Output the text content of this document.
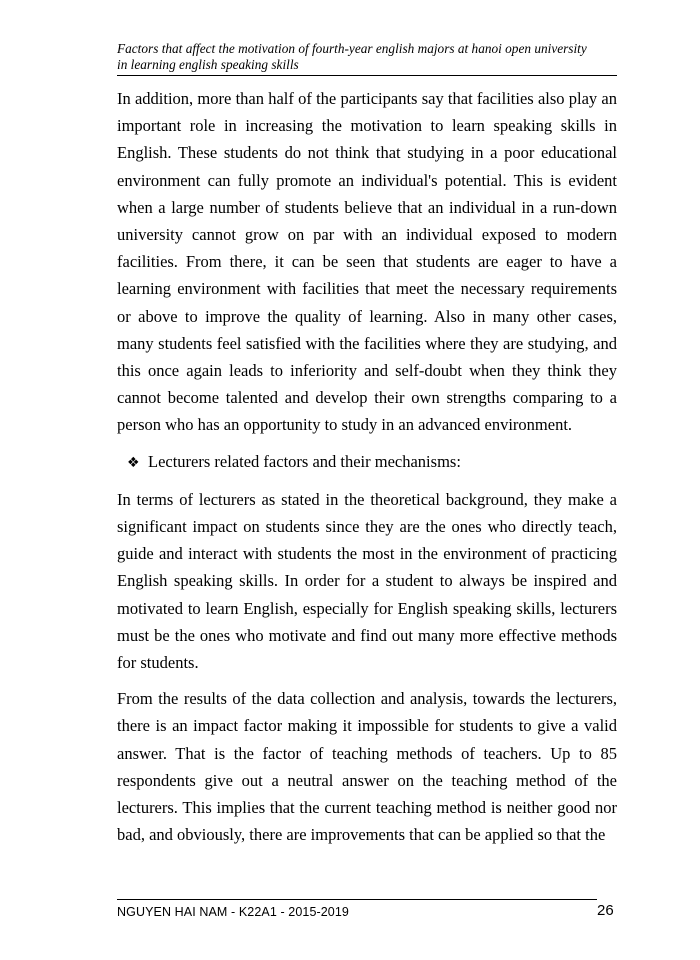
Factors that affect the motivation of fourth-year english majors at hanoi open university
in learning english speaking skills

In addition, more than half of the participants say that facilities also play an important role in increasing the motivation to learn speaking skills in English. These students do not think that studying in a poor educational environment can fully promote an individual's potential. This is evident when a large number of students believe that an individual in a run-down university cannot grow on par with an individual exposed to modern facilities. From there, it can be seen that students are eager to have a learning environment with facilities that meet the necessary requirements or above to improve the quality of learning. Also in many other cases, many students feel satisfied with the facilities where they are studying, and this once again leads to inferiority and self-doubt when they think they cannot become talented and develop their own strengths comparing to a person who has an opportunity to study in an advanced environment.

❖ Lecturers related factors and their mechanisms:

In terms of lecturers as stated in the theoretical background, they make a significant impact on students since they are the ones who directly teach, guide and interact with students the most in the environment of practicing English speaking skills. In order for a student to always be inspired and motivated to learn English, especially for English speaking skills, lecturers must be the ones who motivate and find out many more effective methods for students.

From the results of the data collection and analysis, towards the lecturers, there is an impact factor making it impossible for students to give a valid answer. That is the factor of teaching methods of teachers. Up to 85 respondents give out a neutral answer on the teaching method of the lecturers. This implies that the current teaching method is neither good nor bad, and obviously, there are improvements that can be applied so that the

NGUYEN HAI NAM - K22A1 - 2015-2019	26
